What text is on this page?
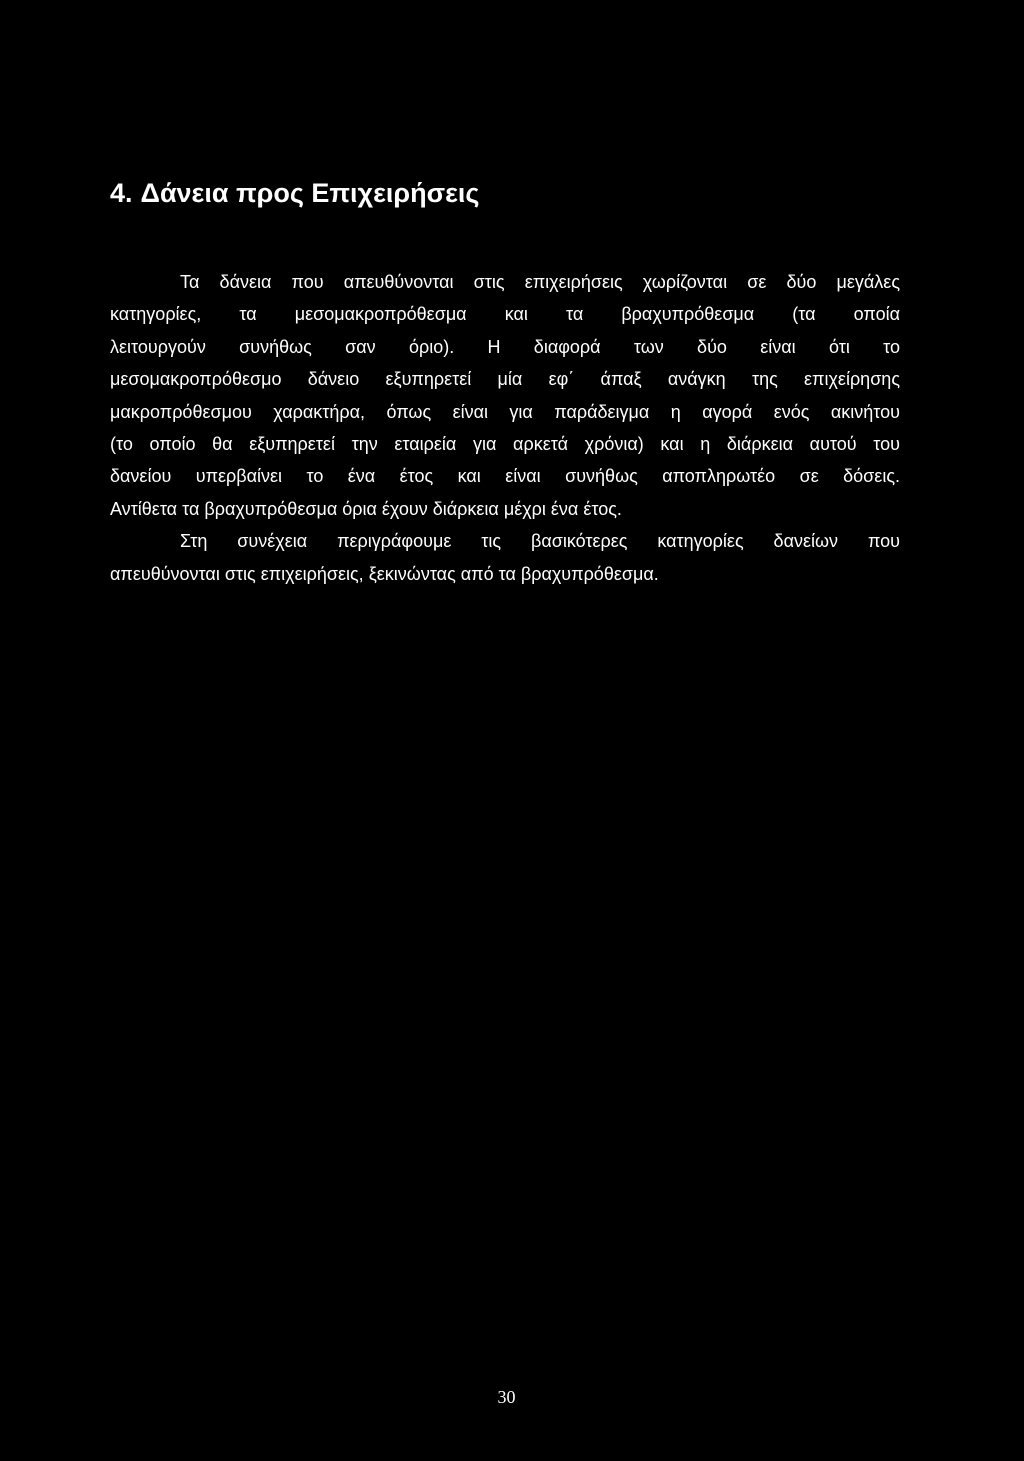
4. Δάνεια προς Επιχειρήσεις
Τα δάνεια που απευθύνονται στις επιχειρήσεις χωρίζονται σε δύο μεγάλες
κατηγορίες, τα μεσομακροπρόθεσμα και τα βραχυπρόθεσμα (τα οποία
λειτουργούν συνήθως σαν όριο). Η διαφορά των δύο είναι ότι το
μεσομακροπρόθεσμο δάνειο εξυπηρετεί μία εφ΄ άπαξ ανάγκη της επιχείρησης
μακροπρόθεσμου χαρακτήρα, όπως είναι για παράδειγμα η αγορά ενός ακινήτου
(το οποίο θα εξυπηρετεί την εταιρεία για αρκετά χρόνια) και η διάρκεια αυτού του
δανείου υπερβαίνει το ένα έτος και είναι συνήθως αποπληρωτέο σε δόσεις.
Αντίθετα τα βραχυπρόθεσμα όρια έχουν διάρκεια μέχρι ένα έτος.
Στη συνέχεια περιγράφουμε τις βασικότερες κατηγορίες δανείων που
απευθύνονται στις επιχειρήσεις, ξεκινώντας από τα βραχυπρόθεσμα.
30
